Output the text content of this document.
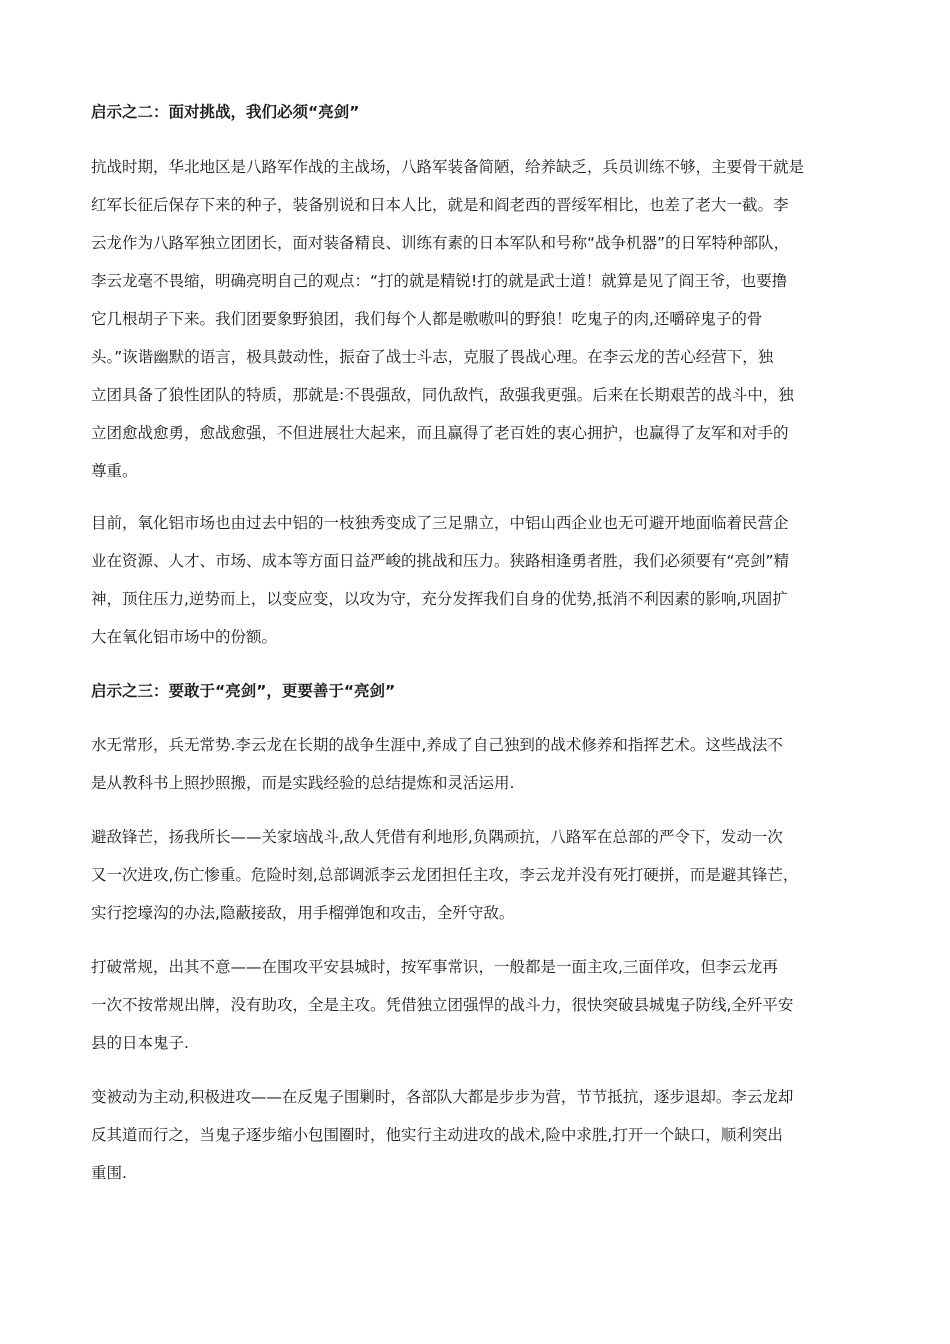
启示之二：面对挑战，我们必须“亮剑”

抗战时期，华北地区是八路军作战的主战场，八路军装备简陋，给养缺乏，兵员训练不够，主要骨干就是

红军长征后保存下来的种子，装备别说和日本人比，就是和阎老西的晋绥军相比，也差了老大一截。李

云龙作为八路军独立团团长，面对装备精良、训练有素的日本军队和号称“战争机器”的日军特种部队，

李云龙毫不畏缩，明确亮明自己的观点：“打的就是精锐!打的就是武士道！就算是见了阎王爷，也要撸

它几根胡子下来。我们团要象野狼团，我们每个人都是嗷嗷叫的野狼！吃鬼子的肉,还嚼碎鬼子的骨

头。”诙谐幽默的语言，极具鼓动性，振奋了战士斗志，克服了畏战心理。在李云龙的苦心经营下，独

立团具备了狼性团队的特质，那就是:不畏强敌，同仇敌忾，敌强我更强。后来在长期艰苦的战斗中，独

立团愈战愈勇，愈战愈强，不但进展壮大起来，而且赢得了老百姓的衷心拥护，也赢得了友军和对手的

尊重。

目前，氧化铝市场也由过去中铝的一枝独秀变成了三足鼎立，中铝山西企业也无可避开地面临着民营企

业在资源、人才、市场、成本等方面日益严峻的挑战和压力。狭路相逢勇者胜，我们必须要有“亮剑”精

神，顶住压力,逆势而上，以变应变，以攻为守，充分发挥我们自身的优势,抵消不利因素的影响,巩固扩

大在氧化铝市场中的份额。

启示之三：要敢于“亮剑”，更要善于“亮剑”

水无常形，兵无常势.李云龙在长期的战争生涯中,养成了自己独到的战术修养和指挥艺术。这些战法不

是从教科书上照抄照搬，而是实践经验的总结提炼和灵活运用.

避敌锋芒，扬我所长——关家垴战斗,敌人凭借有利地形,负隅顽抗，八路军在总部的严令下，发动一次

又一次进攻,伤亡惨重。危险时刻,总部调派李云龙团担任主攻，李云龙并没有死打硬拼，而是避其锋芒，

实行挖壕沟的办法,隐蔽接敌，用手榴弹饱和攻击，全歼守敌。

打破常规，出其不意——在围攻平安县城时，按军事常识，一般都是一面主攻,三面佯攻，但李云龙再

一次不按常规出牌，没有助攻，全是主攻。凭借独立团强悍的战斗力，很快突破县城鬼子防线,全歼平安

县的日本鬼子.

变被动为主动,积极进攻——在反鬼子围剿时，各部队大都是步步为营，节节抵抗，逐步退却。李云龙却

反其道而行之，当鬼子逐步缩小包围圈时，他实行主动进攻的战术,险中求胜,打开一个缺口，顺利突出

重围.
